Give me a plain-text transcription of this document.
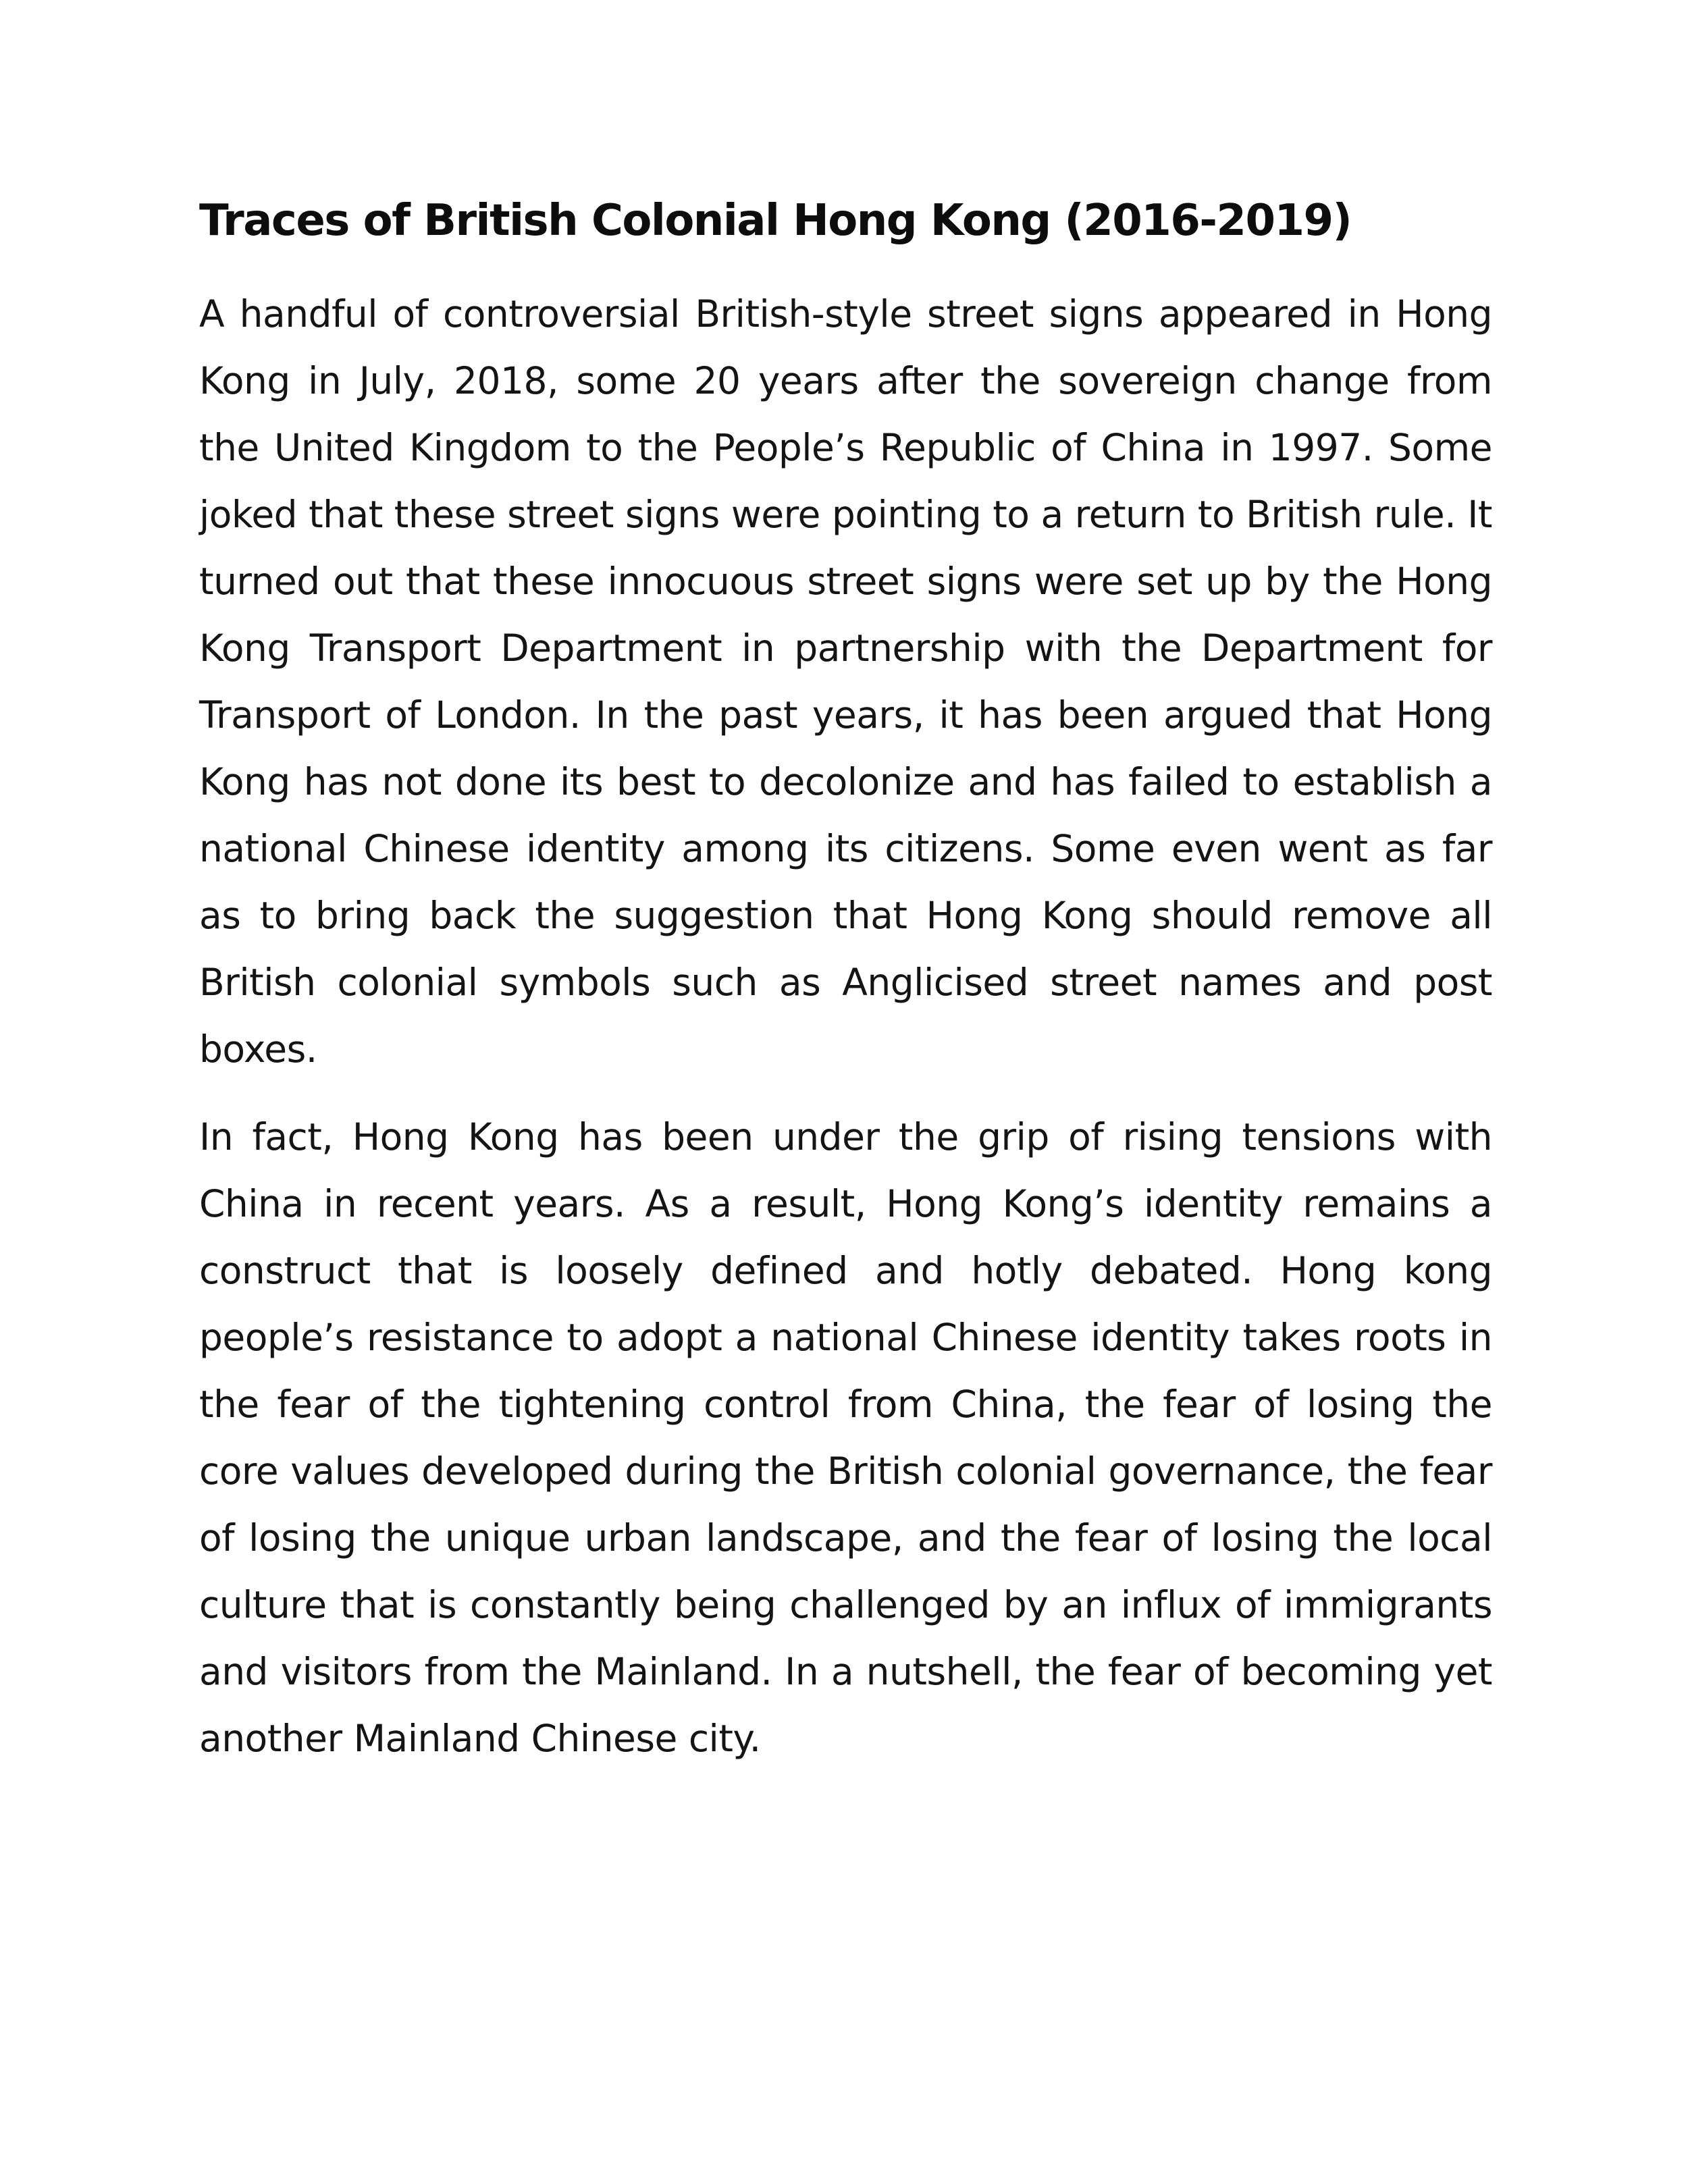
Traces of British Colonial Hong Kong (2016-2019)

A handful of controversial British-style street signs appeared in Hong Kong in July, 2018, some 20 years after the sovereign change from the United Kingdom to the People’s Republic of China in 1997. Some joked that these street signs were pointing to a return to British rule. It turned out that these innocuous street signs were set up by the Hong Kong Transport Department in partnership with the Department for Transport of London. In the past years, it has been argued that Hong Kong has not done its best to decolonize and has failed to establish a national Chinese identity among its citizens. Some even went as far as to bring back the suggestion that Hong Kong should remove all British colonial symbols such as Anglicised street names and post boxes.

In fact, Hong Kong has been under the grip of rising tensions with China in recent years. As a result, Hong Kong’s identity remains a construct that is loosely defined and hotly debated. Hong kong people’s resistance to adopt a national Chinese identity takes roots in the fear of the tightening control from China, the fear of losing the core values developed during the British colonial governance, the fear of losing the unique urban landscape, and the fear of losing the local culture that is constantly being challenged by an influx of immigrants and visitors from the Mainland. In a nutshell, the fear of becoming yet another Mainland Chinese city.
